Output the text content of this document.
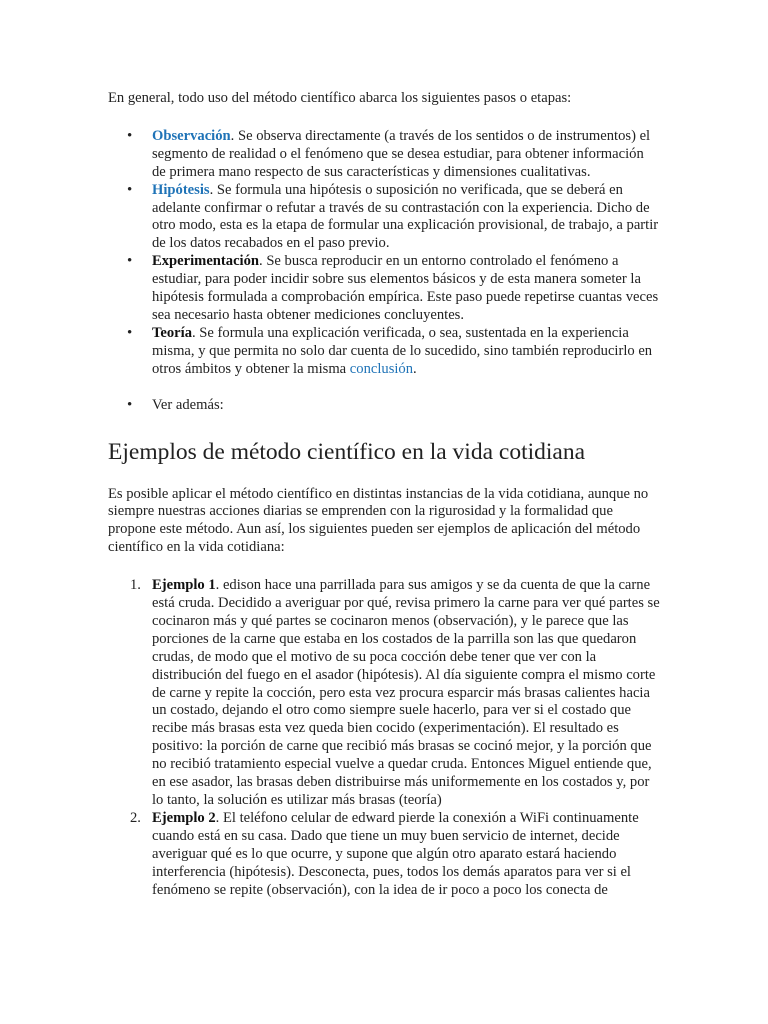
En general, todo uso del método científico abarca los siguientes pasos o etapas:

• Observación. Se observa directamente (a través de los sentidos o de instrumentos) el segmento de realidad o el fenómeno que se desea estudiar, para obtener información de primera mano respecto de sus características y dimensiones cualitativas.
• Hipótesis. Se formula una hipótesis o suposición no verificada, que se deberá en adelante confirmar o refutar a través de su contrastación con la experiencia. Dicho de otro modo, esta es la etapa de formular una explicación provisional, de trabajo, a partir de los datos recabados en el paso previo.
• Experimentación. Se busca reproducir en un entorno controlado el fenómeno a estudiar, para poder incidir sobre sus elementos básicos y de esta manera someter la hipótesis formulada a comprobación empírica. Este paso puede repetirse cuantas veces sea necesario hasta obtener mediciones concluyentes.
• Teoría. Se formula una explicación verificada, o sea, sustentada en la experiencia misma, y que permita no solo dar cuenta de lo sucedido, sino también reproducirlo en otros ámbitos y obtener la misma conclusión.
• Ver además:
Ejemplos de método científico en la vida cotidiana

Es posible aplicar el método científico en distintas instancias de la vida cotidiana, aunque no siempre nuestras acciones diarias se emprenden con la rigurosidad y la formalidad que propone este método. Aun así, los siguientes pueden ser ejemplos de aplicación del método científico en la vida cotidiana:

1. Ejemplo 1. edison hace una parrillada para sus amigos y se da cuenta de que la carne está cruda. Decidido a averiguar por qué, revisa primero la carne para ver qué partes se cocinaron más y qué partes se cocinaron menos (observación), y le parece que las porciones de la carne que estaba en los costados de la parrilla son las que quedaron crudas, de modo que el motivo de su poca cocción debe tener que ver con la distribución del fuego en el asador (hipótesis). Al día siguiente compra el mismo corte de carne y repite la cocción, pero esta vez procura esparcir más brasas calientes hacia un costado, dejando el otro como siempre suele hacerlo, para ver si el costado que recibe más brasas esta vez queda bien cocido (experimentación). El resultado es positivo: la porción de carne que recibió más brasas se cocinó mejor, y la porción que no recibió tratamiento especial vuelve a quedar cruda. Entonces Miguel entiende que, en ese asador, las brasas deben distribuirse más uniformemente en los costados y, por lo tanto, la solución es utilizar más brasas (teoría)
2. Ejemplo 2. El teléfono celular de edward pierde la conexión a WiFi continuamente cuando está en su casa. Dado que tiene un muy buen servicio de internet, decide averiguar qué es lo que ocurre, y supone que algún otro aparato estará haciendo interferencia (hipótesis). Desconecta, pues, todos los demás aparatos para ver si el fenómeno se repite (observación), con la idea de ir poco a poco los conecta de
